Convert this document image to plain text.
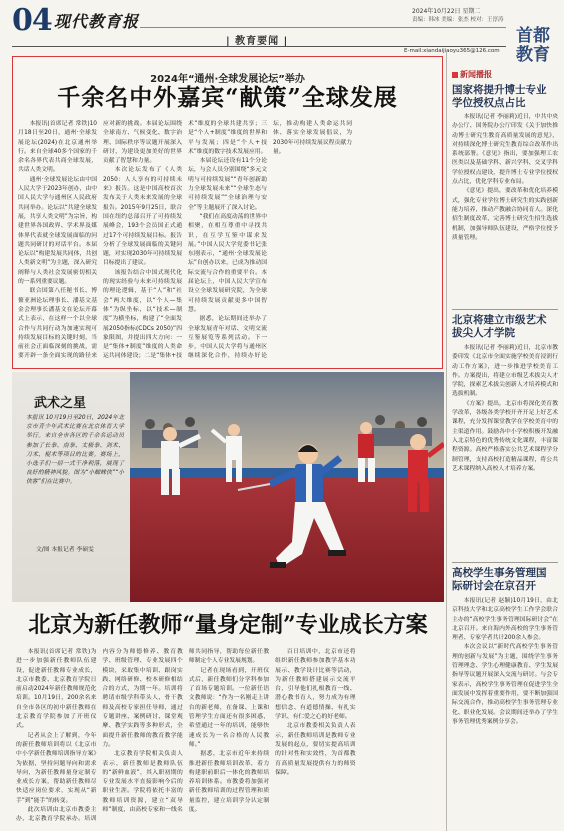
04 现代教育报
2024年10月22日 星期二
责编：韩冰 美编：张杰 校对：王淳涛
| 教育要闻 |
E-mail:xiandaijiaoyu365@126.com
首都
教育
2024年“通州·全球发展论坛”举办
千余名中外嘉宾“献策”全球发展

本报讯(首席记者 常铁)10月18日至20日，通州·全球发展论坛(2024)在北京通州举行。来自全球40多个国家的千余名各界代表共商全球发展，共话人类文明。

通州·全球发展论坛由中国人民大学于2023年创办，由中国人民大学与通州区人民政府共同举办。论坛以“共建全球发展，共享人类文明”为宗旨，构建世界各国政界、学术界及媒体界代表就全球发展面临的问题共同研讨的对话平台。本届论坛以“构建发展共同体，共创人类新文明”为主题，深入研究阐释与人类社会发展密切相关的一系列重要议题。

联合国第八任秘书长、博鳌亚洲论坛理事长、潘基文基金会理事长潘基文在论坛开幕式上表示，在这样一个以全球合作与共同行动为加速实现可持续发展目标的关键时刻，当前社会正面临深刻的挑战，需要开辟一条全面实现的路径来应对新的挑战。本届论坛围绕全球南方、气候变化、数字治理、国际秩序等议题开展深入研讨，为建设更加美好的世界贡献了智慧和力量。

本次论坛发布了《人类2050：人人享有的可持续未来》报告。这是中国高校首次发布关于人类未来发展的全球报告。2015年9月25日，联合国在纽约总部召开了可持续发展峰会，193个会员国正式通过17个可持续发展目标。报告分析了全球发展面临的关键问题，对实现2030年可持续发展目标提出了建议。

该报告结合中国式现代化的现实经验与未来可持续发展的理论逻辑，基于“人”和“社会”两大维度，以“个人—集体”为纵坐标，以“技术—制度”为横坐标，构建了“全面发展2050指标(CDCs 2050)”四象限图，并提出四大方向：一是“集体+制度”维度的人类命运共同体建设；二是“集体+技术”维度的全球共建共享；三是“个人+制度”维度的世界和平与发展；四是“个人+技术”维度的数字技术发展应用。

本届论坛还设有11个分论坛，与会人员分别围绕“多元文明与可持续发展”“青年创新助力全球发展未来”“全球生态与可持续发展”“全球治理与安全”等主题展开了深入讨论。

“我们在高度动荡的世界中相聚，在相互尊重中寻找共识，在互学互鉴中谋求发展。”中国人民大学党委书记张东刚表示，“通州·全球发展论坛”自创办以来，已成为推动国际交流与合作的重要平台。本届论坛上，中国人民大学宣布设立全球发展研究院，为全球可持续发展贡献更多中国智慧。

据悉，论坛期间还举办了全球发展青年对话、文明交流互鉴展览等系列活动。下一步，中国人民大学将与通州区继续深化合作，持续办好论坛，推动构建人类命运共同体、落实全球发展倡议，为2030年可持续发展议程贡献力量。

武术之星
本报讯 10月19日至20日，2024年北京市青少年武术比赛在北京体育大学举行。来自全市各区的千余名运动员参加了长拳、南拳、太极拳、剑术、刀术、棍术等项目的比赛。赛场上，小选手们一招一式干净利落，展现了良好的精神风貌。图为“小蜘蛛侠”“小侠客”们在比赛中。
文/图 本报记者 李硕雯
北京为新任教师“量身定制”专业成长方案

本报讯(首席记者 常铁)为进一步加强新任教师队伍建设，促进新任教师专业成长，北京市教委、北京教育学院日前启动2024年新任教师规范化培训。10月19日，200余名来自全市各区的初中新任教师在北京教育学院参加了开班仪式。

记者从会上了解到，今年的新任教师培训将以《北京市中小学新任教师培训指导方案》为依据，坚持问题导向和需求导向，为新任教师量身定制专业成长方案，帮助新任教师尽快适应岗位要求，实现从“新手”到“能手”的转变。

此次培训由北京市教委主办，北京教育学院承办。培训内容分为师德修养、教育教学、班级管理、专业发展四个模块，采取集中培训、跟岗实践、网络研修、校本研修相结合的方式，为期一年。培训将聘请市级学科带头人、骨干教师及高校专家担任导师，通过专题讲座、案例研讨、课堂观摩、教学实践等多种形式，全面提升新任教师的教育教学能力。

北京教育学院相关负责人表示，新任教师是教师队伍的“新鲜血液”，其入职初期的专业发展水平直接影响今后的职业生涯。学院将依托丰富的教师培训资源，建立“双导师”制度，由高校专家和一线名师共同指导，帮助每位新任教师制定个人专业发展规划。

记者在现场看到，开班仪式后，新任教师们分学科参加了首场专题培训。一位新任语文教师说：“作为一名刚走上讲台的新老师，在备课、上课和管理学生方面还有很多困惑，希望通过一年的培训，能够快速成长为一名合格的人民教师。”

据悉，北京市近年来持续推进新任教师培训改革，着力构建职前职后一体化的教师培养培训体系。市教委将加强对新任教师培训的过程管理和质量监控，建立培训学分认定制度。

百日培训中，北京市还将组织新任教师参加教学基本功展示、教学设计比赛等活动，为新任教师搭建展示交流平台，引导他们扎根教育一线、潜心教书育人，努力成为有理想信念、有道德情操、有扎实学识、有仁爱之心的好老师。

北京市教委相关负责人表示，新任教师培训是教师专业发展的起点，要切实提高培训的针对性和实效性，为首都教育高质量发展提供有力的师资保障。

新闻播报
国家将提升博士专业学位授权点占比

本报讯(记者 李丽莉)近日，中共中央办公厅、国务院办公厅印发《关于加快推动博士研究生教育高质量发展的意见》，对持续深化博士研究生教育综合改革作出系统部署。《意见》指出，要加强理工农医类以及基础学科、新兴学科、交叉学科学位授权点建设，提升博士专业学位授权点占比，优化学科专业布局。

《意见》提出，要改革和优化培养模式，强化专业学位博士研究生的实践创新能力培养，推动产教融合协同育人。深化招生制度改革，完善博士研究生招生选拔机制，加强导师队伍建设，严格学位授予质量管理。

北京将建立市级艺术拔尖人才学院

本报讯(记者 李丽莉)近日，北京市教委印发《北京市全面实施学校美育浸润行动工作方案》，进一步推进学校美育工作。方案提出，将建立市级艺术拔尖人才学院，探索艺术拔尖创新人才培养模式和选拔机制。

《方案》提出，北京市将深化美育教学改革，各级各类学校开齐开足上好艺术课程，充分发挥课堂教学在学校美育中的主渠道作用。鼓励各中小学校积极开发融入北京特色的优秀传统文化课程，丰富课程资源。高校严格落实公共艺术课程学分制管理，支持高校打造精品课程，将公共艺术课程纳入高校人才培养方案。

高校学生事务管理国际研讨会在京召开

本报讯(记者 赵颖)10月19日，由北京科技大学和北京高校学生工作学会联合主办的“高校学生事务管理国际研讨会”在北京召开。来自海内外高校的学生事务管理者、专家学者共计200余人参会。

本次会议以“新时代高校学生事务管理的创新与发展”为主题，围绕学生事务管理理念、学生心理健康教育、学生发展指导等议题开展深入交流与研讨。与会专家表示，高校学生事务管理在促进学生全面发展中发挥着重要作用，要不断加强国际交流合作，推动高校学生事务管理专业化、职业化发展。会议期间还举办了学生事务管理优秀案例分享会。
